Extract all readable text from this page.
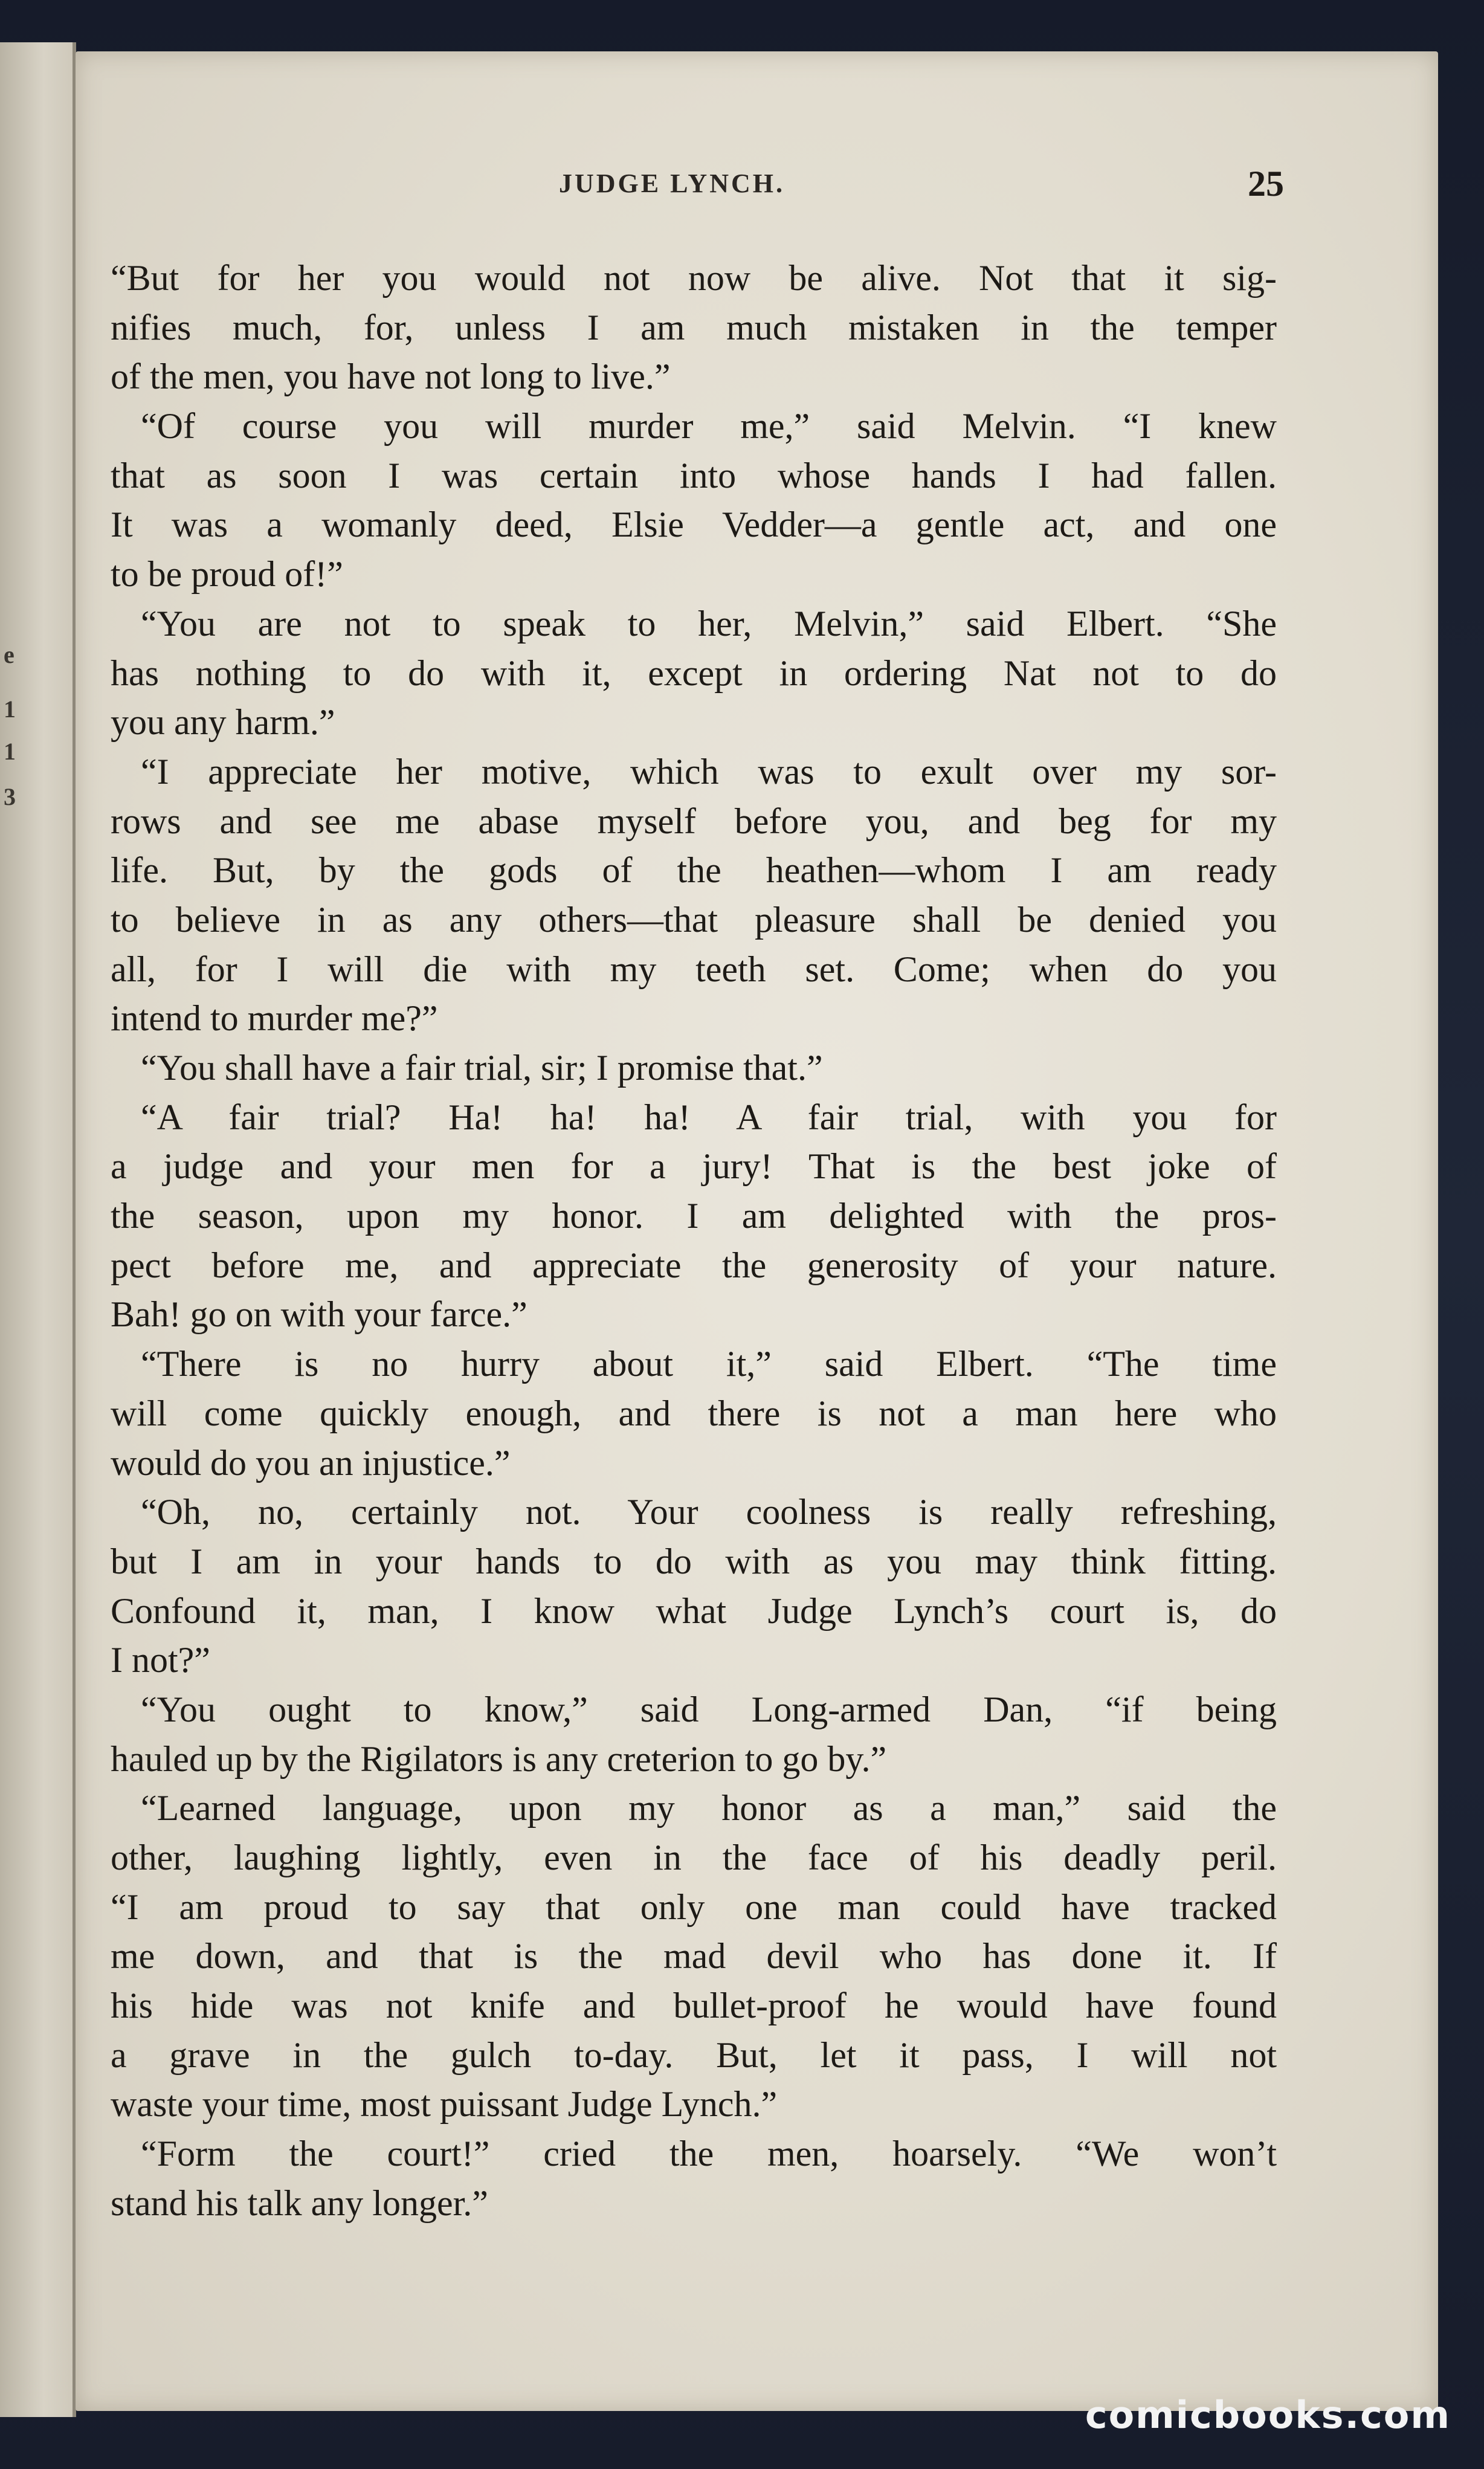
e
1
1
3
JUDGE LYNCH.	25
“But for her you would not now be alive. Not that it sig-
nifies much, for, unless I am much mistaken in the temper
of the men, you have not long to live.”
“Of course you will murder me,” said Melvin. “I knew
that as soon I was certain into whose hands I had fallen.
It was a womanly deed, Elsie Vedder—a gentle act, and one
to be proud of!”
“You are not to speak to her, Melvin,” said Elbert. “She
has nothing to do with it, except in ordering Nat not to do
you any harm.”
“I appreciate her motive, which was to exult over my sor-
rows and see me abase myself before you, and beg for my
life. But, by the gods of the heathen—whom I am ready
to believe in as any others—that pleasure shall be denied you
all, for I will die with my teeth set. Come; when do you
intend to murder me?”
“You shall have a fair trial, sir; I promise that.”
“A fair trial? Ha! ha! ha! A fair trial, with you for
a judge and your men for a jury! That is the best joke of
the season, upon my honor. I am delighted with the pros-
pect before me, and appreciate the generosity of your nature.
Bah! go on with your farce.”
“There is no hurry about it,” said Elbert. “The time
will come quickly enough, and there is not a man here who
would do you an injustice.”
“Oh, no, certainly not. Your coolness is really refreshing,
but I am in your hands to do with as you may think fitting.
Confound it, man, I know what Judge Lynch’s court is, do
I not?”
“You ought to know,” said Long-armed Dan, “if being
hauled up by the Rigilators is any creterion to go by.”
“Learned language, upon my honor as a man,” said the
other, laughing lightly, even in the face of his deadly peril.
“I am proud to say that only one man could have tracked
me down, and that is the mad devil who has done it. If
his hide was not knife and bullet-proof he would have found
a grave in the gulch to-day. But, let it pass, I will not
waste your time, most puissant Judge Lynch.”
“Form the court!” cried the men, hoarsely. “We won’t
stand his talk any longer.”
comicbooks.com
